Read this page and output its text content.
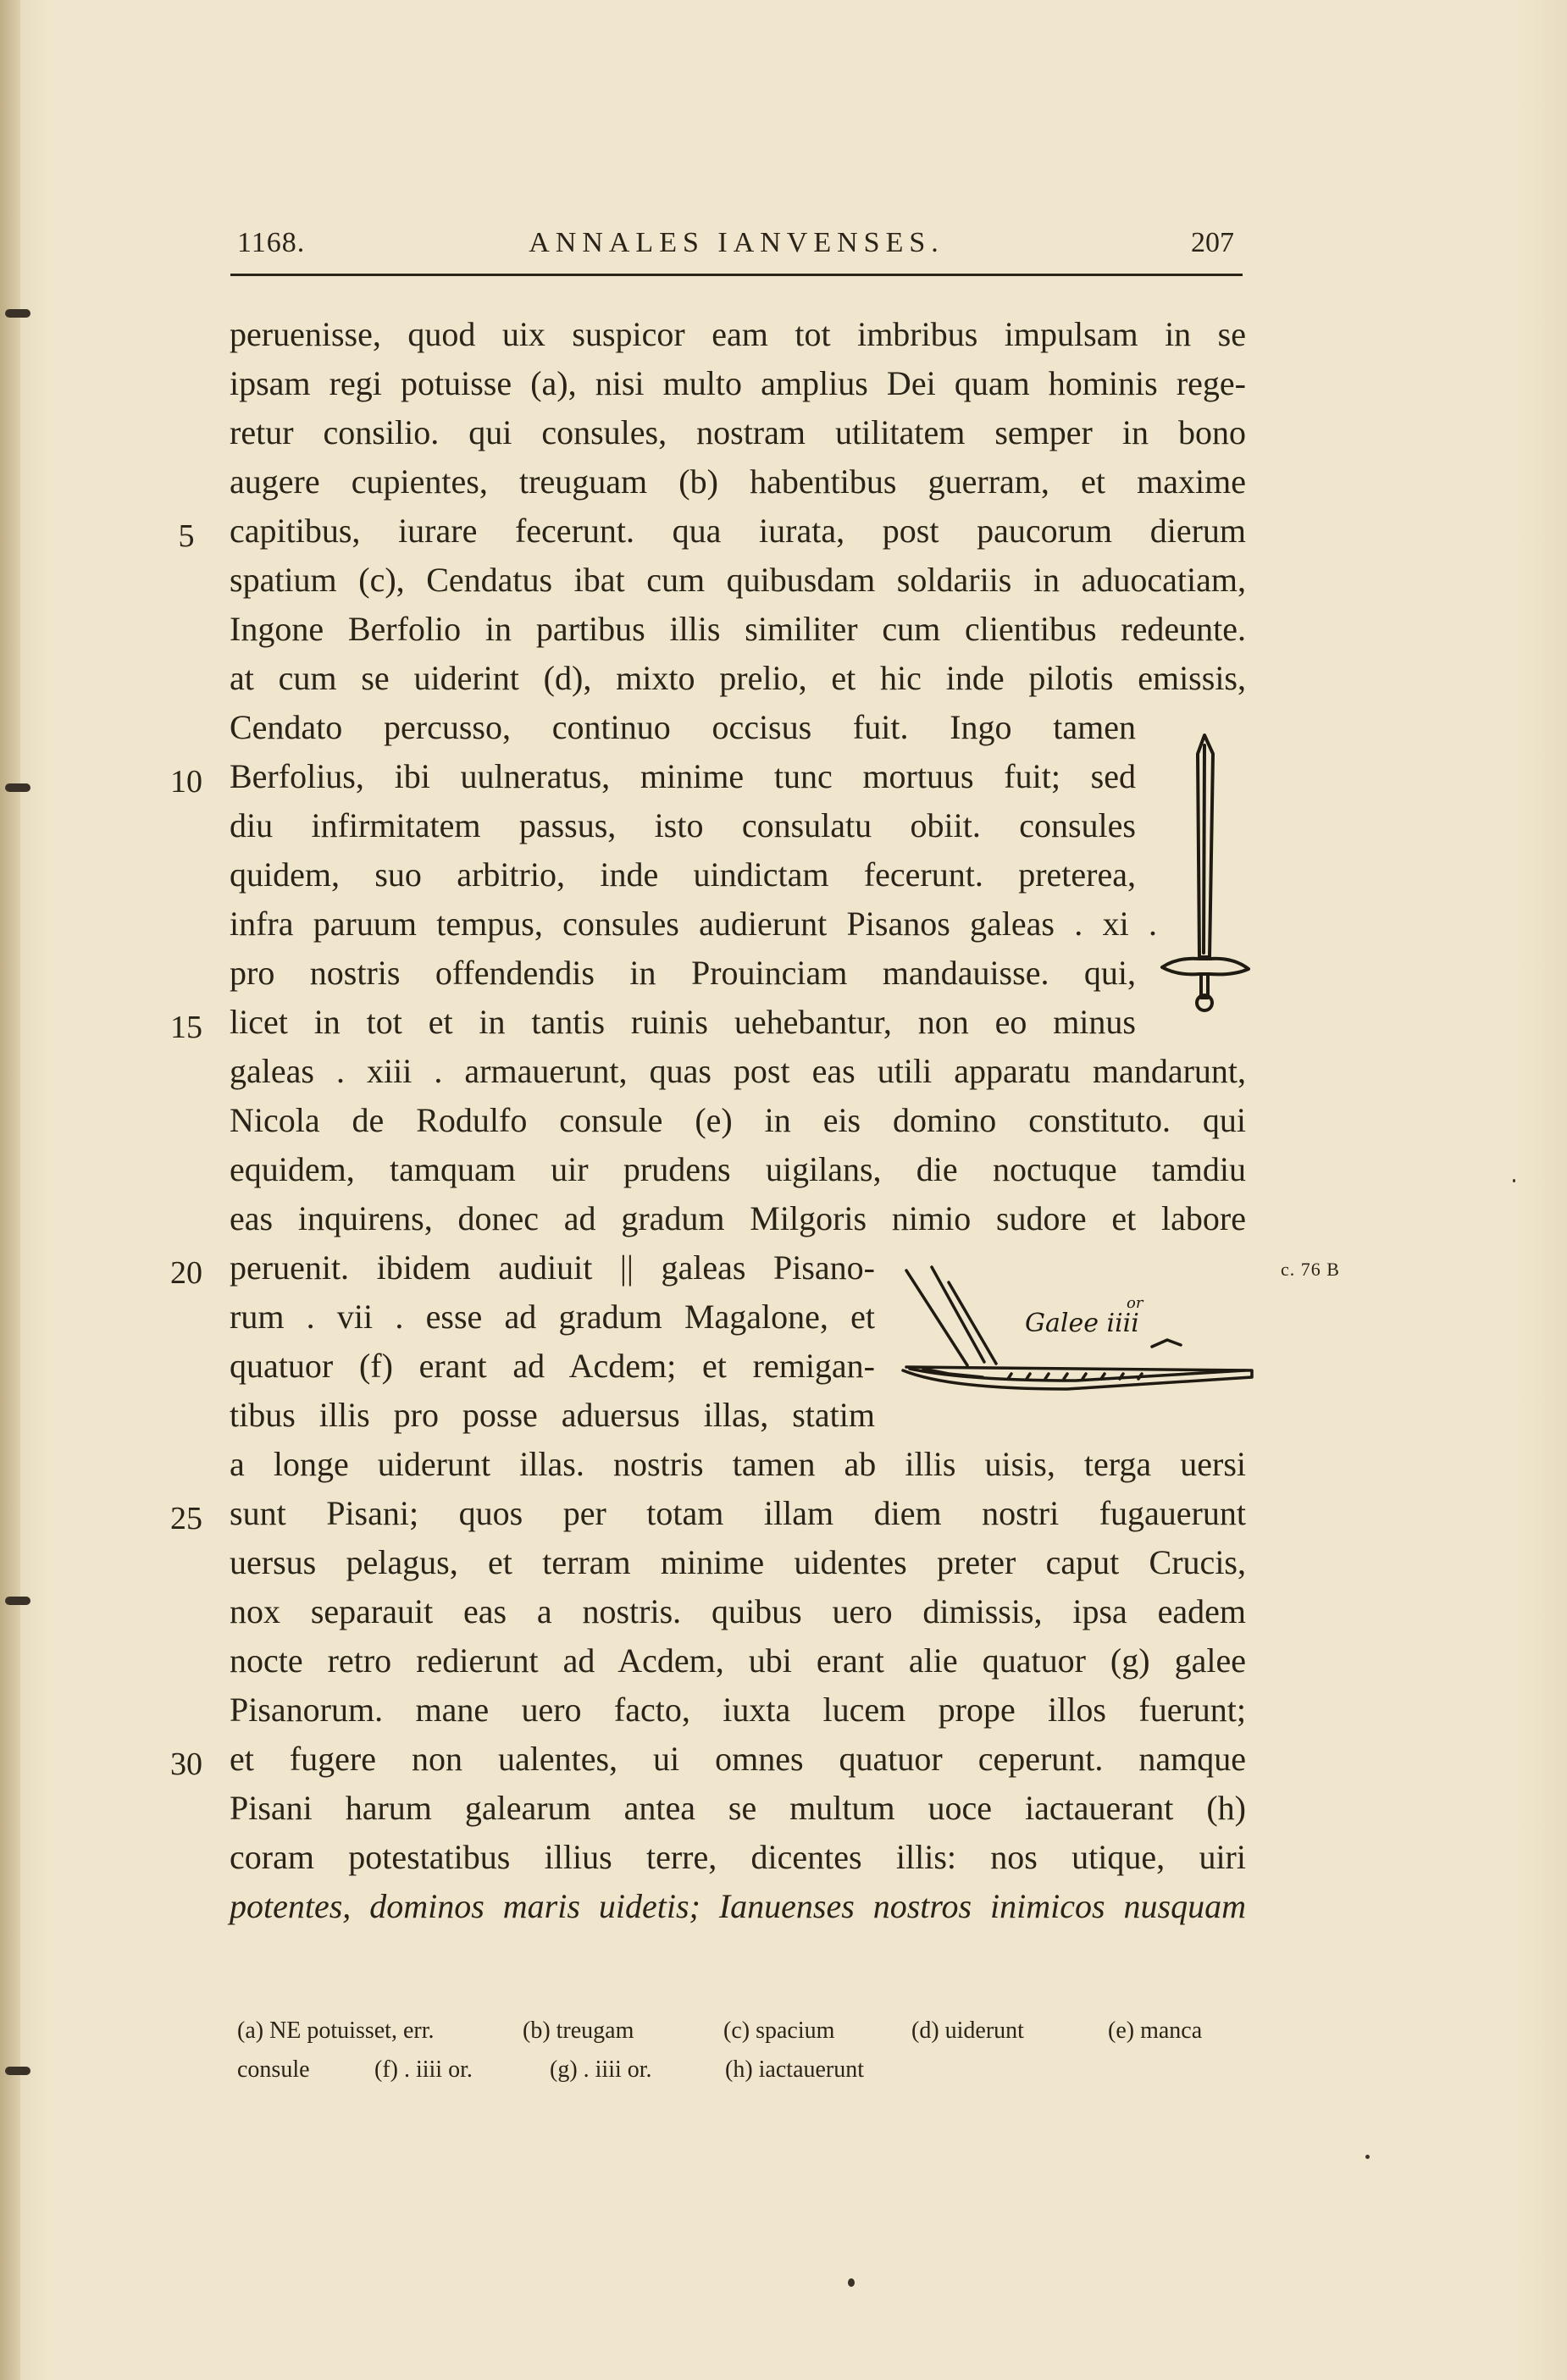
1168.	ANNALES IANVENSES.	207
peruenisse, quod uix suspicor eam tot imbribus impulsam in se
ipsam regi potuisse (a), nisi multo amplius Dei quam hominis rege-
retur consilio. qui consules, nostram utilitatem semper in bono
augere cupientes, treuguam (b) habentibus guerram, et maxime
capitibus, iurare fecerunt. qua iurata, post paucorum dierum
spatium (c), Cendatus ibat cum quibusdam soldariis in aduocatiam,
Ingone Berfolio in partibus illis similiter cum clientibus redeunte.
at cum se uiderint (d), mixto prelio, et hic inde pilotis emissis,
Cendato percusso, continuo occisus fuit. Ingo tamen
Berfolius, ibi uulneratus, minime tunc mortuus fuit; sed
diu infirmitatem passus, isto consulatu obiit. consules
quidem, suo arbitrio, inde uindictam fecerunt. preterea,
infra paruum tempus, consules audierunt Pisanos galeas . xi .
pro nostris offendendis in Prouinciam mandauisse. qui,
licet in tot et in tantis ruinis uehebantur, non eo minus
galeas . xiii . armauerunt, quas post eas utili apparatu mandarunt,
Nicola de Rodulfo consule (e) in eis domino constituto. qui
equidem, tamquam uir prudens uigilans, die noctuque tamdiu
eas inquirens, donec ad gradum Milgoris nimio sudore et labore
peruenit. ibidem audiuit || galeas Pisano-
rum . vii . esse ad gradum Magalone, et
quatuor (f) erant ad Acdem; et remigan-
tibus illis pro posse aduersus illas, statim
a longe uiderunt illas. nostris tamen ab illis uisis, terga uersi
sunt Pisani; quos per totam illam diem nostri fugauerunt
uersus pelagus, et terram minime uidentes preter caput Crucis,
nox separauit eas a nostris. quibus uero dimissis, ipsa eadem
nocte retro redierunt ad Acdem, ubi erant alie quatuor (g) galee
Pisanorum. mane uero facto, iuxta lucem prope illos fuerunt;
et fugere non ualentes, ui omnes quatuor ceperunt. namque
Pisani harum galearum antea se multum uoce iactauerant (h)
coram potestatibus illius terre, dicentes illis: nos utique, uiri
potentes, dominos maris uidetis; Ianuenses nostros inimicos nusquam
5
10
15
20
25
30
c. 76 B
Galee iiii
or
(a) NE potuisset, err.	(b) treugam	(c) spacium	(d) uiderunt	(e) manca
consule	(f) . iiii or.	(g) . iiii or.	(h) iactauerunt
